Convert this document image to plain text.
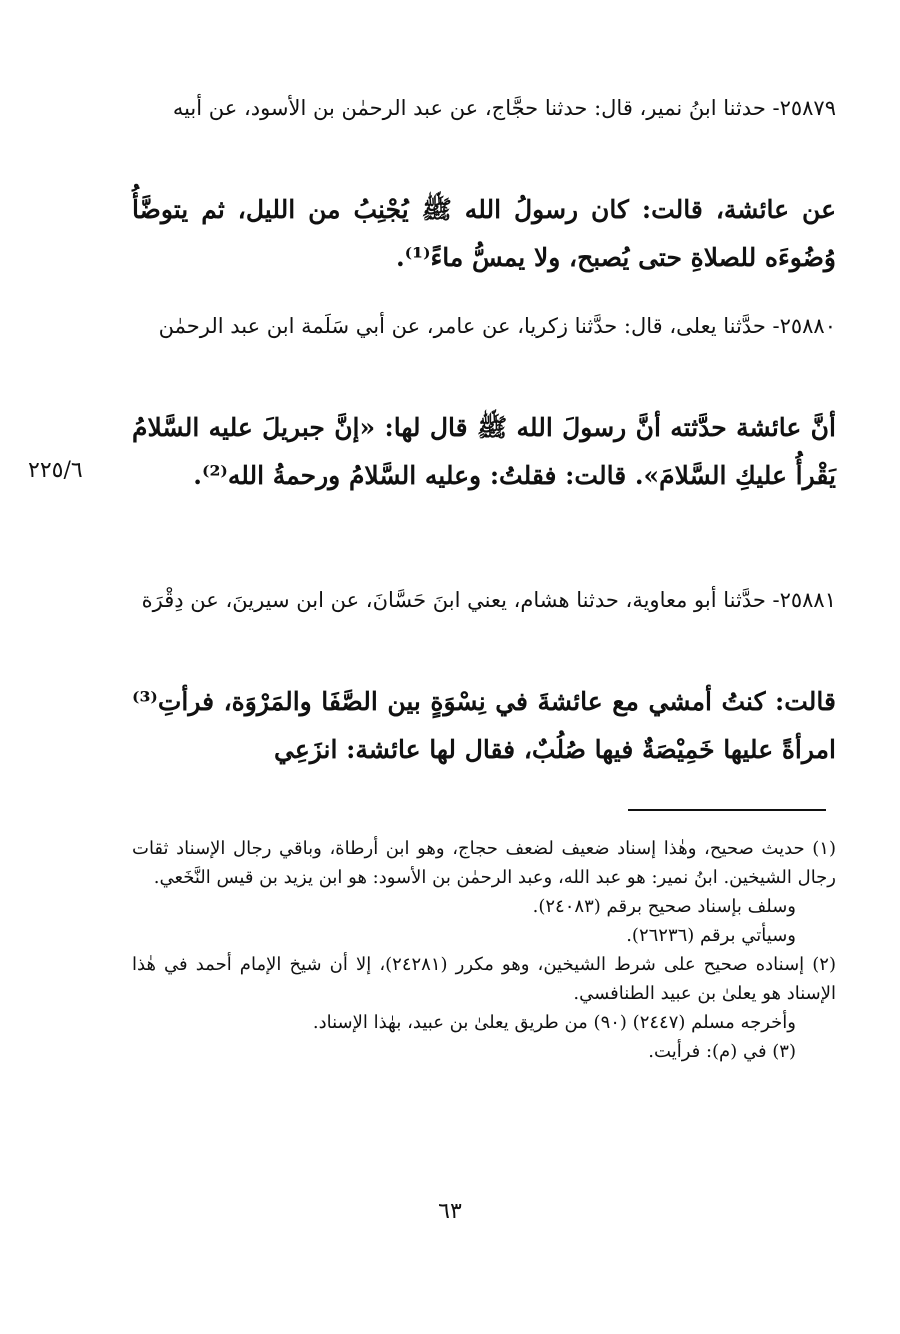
٢٥٨٧٩- حدثنا ابنُ نمير، قال: حدثنا حجَّاج، عن عبد الرحمٰن بن الأسود، عن أبيه
عن عائشة، قالت: كان رسولُ الله ﷺ يُجْنِبُ من الليل، ثم يتوضَّأُ وُضُوءَه للصلاةِ حتى يُصبح، ولا يمسُّ ماءً⁽¹⁾.
٢٥٨٨٠- حدَّثنا يعلى، قال: حدَّثنا زكريا، عن عامر، عن أبي سَلَمة ابن عبد الرحمٰن
أنَّ عائشة حدَّثته أنَّ رسولَ الله ﷺ قال لها: «إنَّ جبريلَ عليه السَّلامُ يَقْرأُ عليكِ السَّلامَ». قالت: فقلتُ: وعليه السَّلامُ ورحمةُ الله⁽²⁾.
٢٢٥/٦
٢٥٨٨١- حدَّثنا أبو معاوية، حدثنا هشام، يعني ابنَ حَسَّانَ، عن ابن سيرينَ، عن دِقْرَة
قالت: كنتُ أمشي مع عائشةَ في نِسْوَةٍ بين الصَّفَا والمَرْوَة، فرأتِ⁽³⁾ امرأةً عليها خَمِيْصَةٌ فيها صُلُبٌ، فقال لها عائشة: انزَعِي
(١) حديث صحيح، وهٰذا إسناد ضعيف لضعف حجاج، وهو ابن أرطاة، وباقي رجال الإسناد ثقات رجال الشيخين. ابنُ نمير: هو عبد الله، وعبد الرحمٰن بن الأسود: هو ابن يزيد بن قيس النَّخَعي.
وسلف بإسناد صحيح برقم (٢٤٠٨٣).
وسيأتي برقم (٢٦٢٣٦).
(٢) إسناده صحيح على شرط الشيخين، وهو مكرر (٢٤٢٨١)، إلا أن شيخ الإمام أحمد في هٰذا الإسناد هو يعلىٰ بن عبيد الطنافسي.
وأخرجه مسلم (٢٤٤٧) (٩٠) من طريق يعلىٰ بن عبيد، بهٰذا الإسناد.
(٣) في (م): فرأيت.
٦٣
